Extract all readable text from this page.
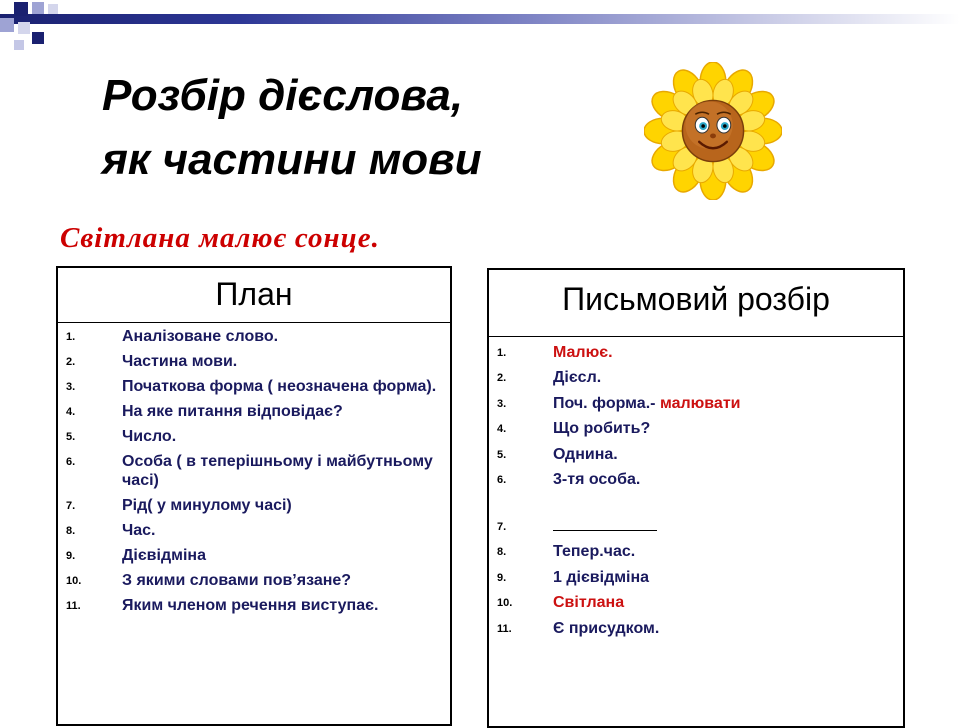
Розбір дієслова,
як частини мови
Світлана малює сонце.
План
1.	Аналізоване слово.
2.	Частина мови.
3.	Початкова форма ( неозначена форма).
4.	На яке питання відповідає?
5.	Число.
6.	Особа ( в теперішньому і майбутньому часі)
7.	Рід( у минулому часі)
8.	Час.
9.	Дієвідміна
10.	З якими словами пов’язане?
11.	Яким членом речення виступає.
Письмовий розбір
1.	Малює.
2.	Дієсл.
3.	Поч. форма.- малювати
4.	Що робить?
5.	Однина.
6.	3-тя особа.
7.
8.	Тепер.час.
9.	1 дієвідміна
10.	Світлана
11.	Є присудком.
